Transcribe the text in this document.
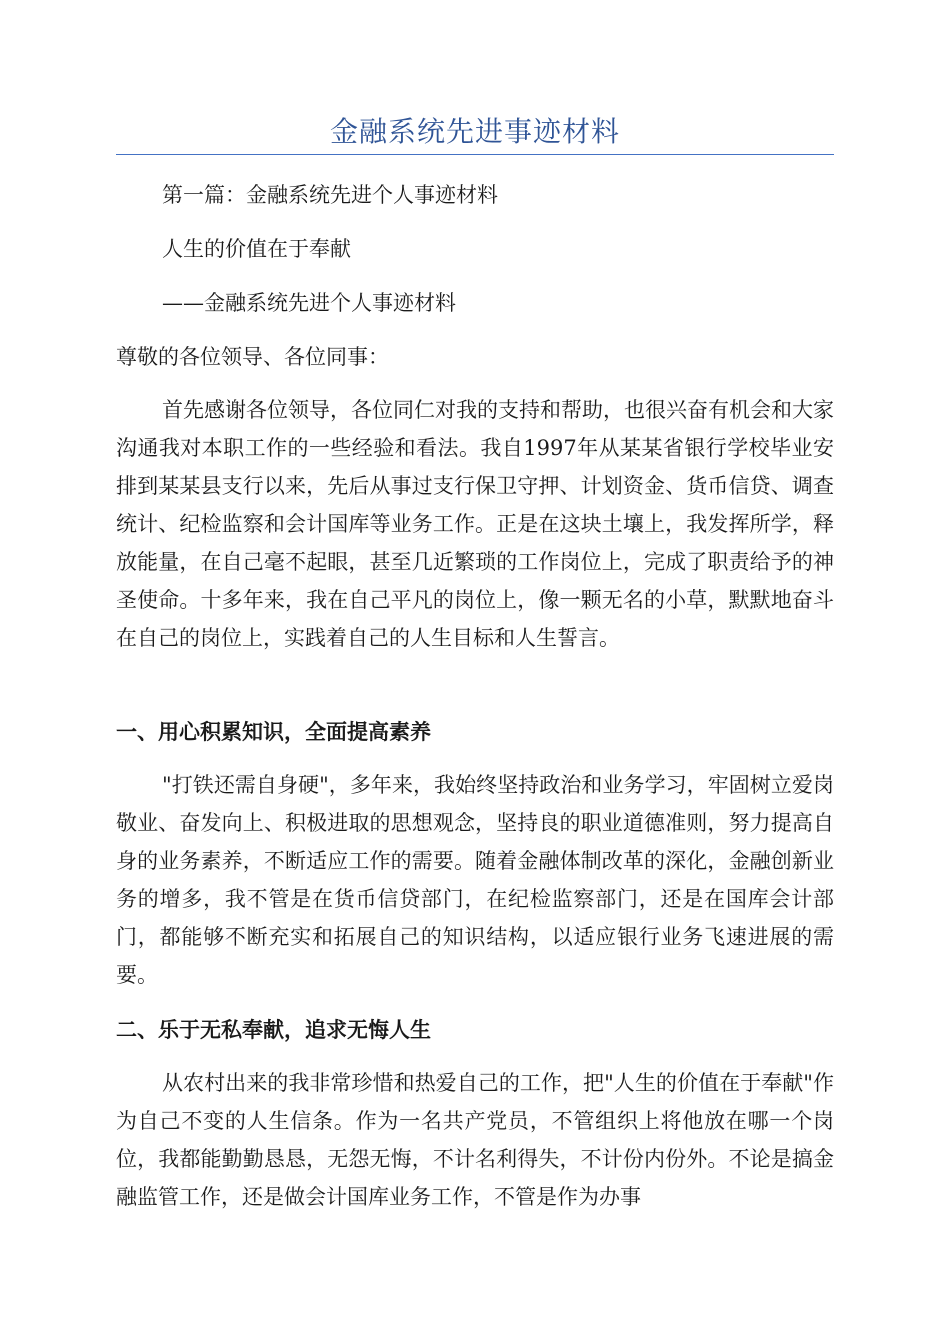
金融系统先进事迹材料
第一篇：金融系统先进个人事迹材料
人生的价值在于奉献
——金融系统先进个人事迹材料
尊敬的各位领导、各位同事：

首先感谢各位领导，各位同仁对我的支持和帮助，也很兴奋有机会和大家沟通我对本职工作的一些经验和看法。我自1997年从某某省银行学校毕业安排到某某县支行以来，先后从事过支行保卫守押、计划资金、货币信贷、调查统计、纪检监察和会计国库等业务工作。正是在这块土壤上，我发挥所学，释放能量，在自己毫不起眼，甚至几近繁琐的工作岗位上，完成了职责给予的神圣使命。十多年来，我在自己平凡的岗位上，像一颗无名的小草，默默地奋斗在自己的岗位上，实践着自己的人生目标和人生誓言。

一、用心积累知识，全面提高素养

"打铁还需自身硬"，多年来，我始终坚持政治和业务学习，牢固树立爱岗敬业、奋发向上、积极进取的思想观念，坚持良的职业道德准则，努力提高自身的业务素养，不断适应工作的需要。随着金融体制改革的深化，金融创新业务的增多，我不管是在货币信贷部门，在纪检监察部门，还是在国库会计部门，都能够不断充实和拓展自己的知识结构，以适应银行业务飞速进展的需要。

二、乐于无私奉献，追求无悔人生

从农村出来的我非常珍惜和热爱自己的工作，把"人生的价值在于奉献"作为自己不变的人生信条。作为一名共产党员，不管组织上将他放在哪一个岗位，我都能勤勤恳恳，无怨无悔，不计名利得失，不计份内份外。不论是搞金融监管工作，还是做会计国库业务工作，不管是作为办事
